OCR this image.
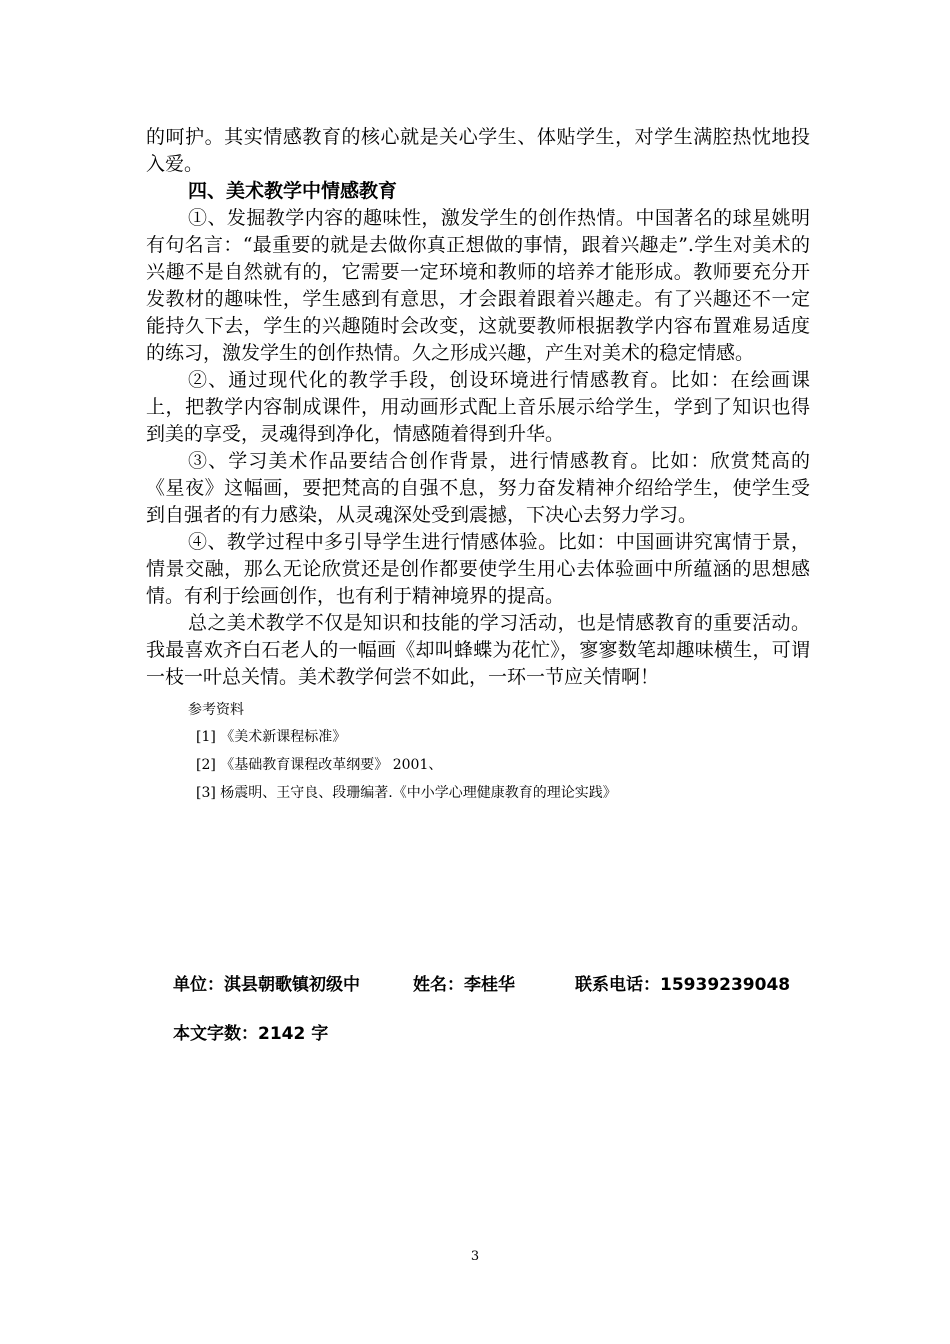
的呵护。其实情感教育的核心就是关心学生、体贴学生，对学生满腔热忱地投入爱。

四、美术教学中情感教育

①、发掘教学内容的趣味性，激发学生的创作热情。中国著名的球星姚明有句名言：“最重要的就是去做你真正想做的事情，跟着兴趣走”.学生对美术的兴趣不是自然就有的，它需要一定环境和教师的培养才能形成。教师要充分开发教材的趣味性，学生感到有意思，才会跟着跟着兴趣走。有了兴趣还不一定能持久下去，学生的兴趣随时会改变，这就要教师根据教学内容布置难易适度的练习，激发学生的创作热情。久之形成兴趣，产生对美术的稳定情感。

②、通过现代化的教学手段，创设环境进行情感教育。比如：在绘画课上，把教学内容制成课件，用动画形式配上音乐展示给学生，学到了知识也得到美的享受，灵魂得到净化，情感随着得到升华。

③、学习美术作品要结合创作背景，进行情感教育。比如：欣赏梵高的《星夜》这幅画，要把梵高的自强不息，努力奋发精神介绍给学生，使学生受到自强者的有力感染，从灵魂深处受到震撼，下决心去努力学习。

④、教学过程中多引导学生进行情感体验。比如：中国画讲究寓情于景，情景交融，那么无论欣赏还是创作都要使学生用心去体验画中所蕴涵的思想感情。有利于绘画创作，也有利于精神境界的提高。

总之美术教学不仅是知识和技能的学习活动，也是情感教育的重要活动。我最喜欢齐白石老人的一幅画《却叫蜂蝶为花忙》，寥寥数笔却趣味横生，可谓一枝一叶总关情。美术教学何尝不如此，一环一节应关情啊！

参考资料

[1] 《美术新课程标准》

[2] 《基础教育课程改革纲要》 2001、

[3] 杨震明、王守良、段珊编著.《中小学心理健康教育的理论实践》

单位：淇县朝歌镇初级中	姓名：李桂华	联系电话：15939239048
本文字数：2142 字
3
